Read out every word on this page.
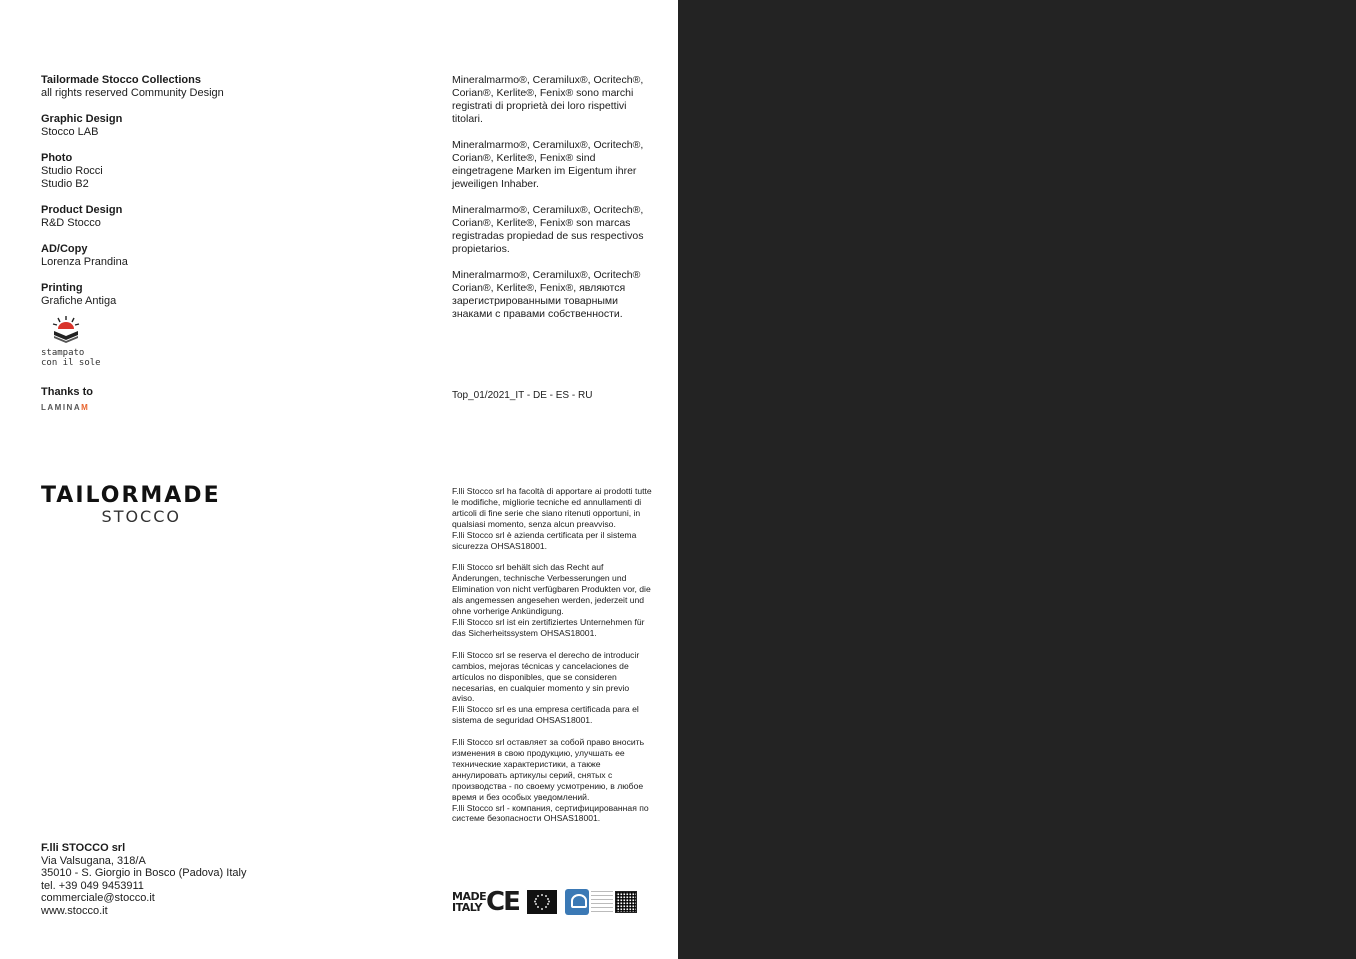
Tailormade Stocco Collections
all rights reserved Community Design
Graphic Design
Stocco LAB
Photo
Studio Rocci
Studio B2
Product Design
R&D Stocco
AD/Copy
Lorenza Prandina
Printing
Grafiche Antiga
stampato
con il sole
Thanks to
LAMINAM
TAILORMADE
STOCCO
F.lli STOCCO srl
Via Valsugana, 318/A
35010 - S. Giorgio in Bosco (Padova) Italy
tel. +39 049 9453911
commerciale@stocco.it
www.stocco.it

Mineralmarmo®, Ceramilux®, Ocritech®, Corian®, Kerlite®, Fenix® sono marchi registrati di proprietà dei loro rispettivi titolari.

Mineralmarmo®, Ceramilux®, Ocritech®, Corian®, Kerlite®, Fenix® sind eingetragene Marken im Eigentum ihrer jeweiligen Inhaber.

Mineralmarmo®, Ceramilux®, Ocritech®, Corian®, Kerlite®, Fenix® son marcas registradas propiedad de sus respectivos propietarios.

Mineralmarmo®, Ceramilux®, Ocritech® Corian®, Kerlite®, Fenix®, являются зарегистрированными товарными знаками с правами собственности.

Top_01/2021_IT - DE - ES - RU

F.lli Stocco srl ha facoltà di apportare ai prodotti tutte le modifiche, migliorie tecniche ed annullamenti di articoli di fine serie che siano ritenuti opportuni, in qualsiasi momento, senza alcun preavviso.
F.lli Stocco srl è azienda certificata per il sistema sicurezza OHSAS18001.

F.lli Stocco srl behält sich das Recht auf Änderungen, technische Verbesserungen und Elimination von nicht verfügbaren Produkten vor, die als angemessen angesehen werden, jederzeit und ohne vorherige Ankündigung.
F.lli Stocco srl ist ein zertifiziertes Unternehmen für das Sicherheitssystem OHSAS18001.

F.lli Stocco srl se reserva el derecho de introducir cambios, mejoras técnicas y cancelaciones de artículos no disponibles, que se consideren necesarias, en cualquier momento y sin previo aviso.
F.lli Stocco srl es una empresa certificada para el sistema de seguridad OHSAS18001.

F.lli Stocco srl оставляет за собой право вносить изменения в свою продукцию, улучшать ее технические характеристики, а также аннулировать артикулы серий, снятых с производства - по своему усмотрению, в любое время и без особых уведомлений.
F.lli Stocco srl - компания, сертифицированная по системе безопасности OHSAS18001.

MADE
ITALY CE
